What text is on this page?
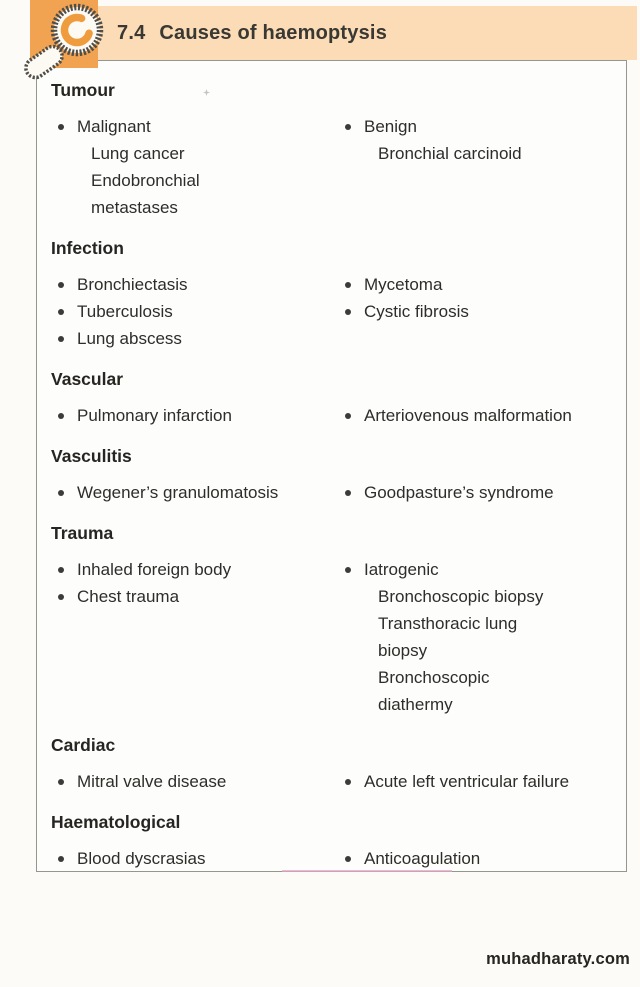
7.4 Causes of haemoptysis
Tumour
Malignant
Lung cancer
Endobronchial
metastases
Benign
Bronchial carcinoid
Infection
Bronchiectasis
Tuberculosis
Lung abscess
Mycetoma
Cystic fibrosis
Vascular
Pulmonary infarction	Arteriovenous malformation
Vasculitis
Wegener’s granulomatosis	Goodpasture’s syndrome
Trauma
Inhaled foreign body
Chest trauma
Iatrogenic
Bronchoscopic biopsy
Transthoracic lung
biopsy
Bronchoscopic
diathermy
Cardiac
Mitral valve disease	Acute left ventricular failure
Haematological
Blood dyscrasias	Anticoagulation
muhadharaty.com
